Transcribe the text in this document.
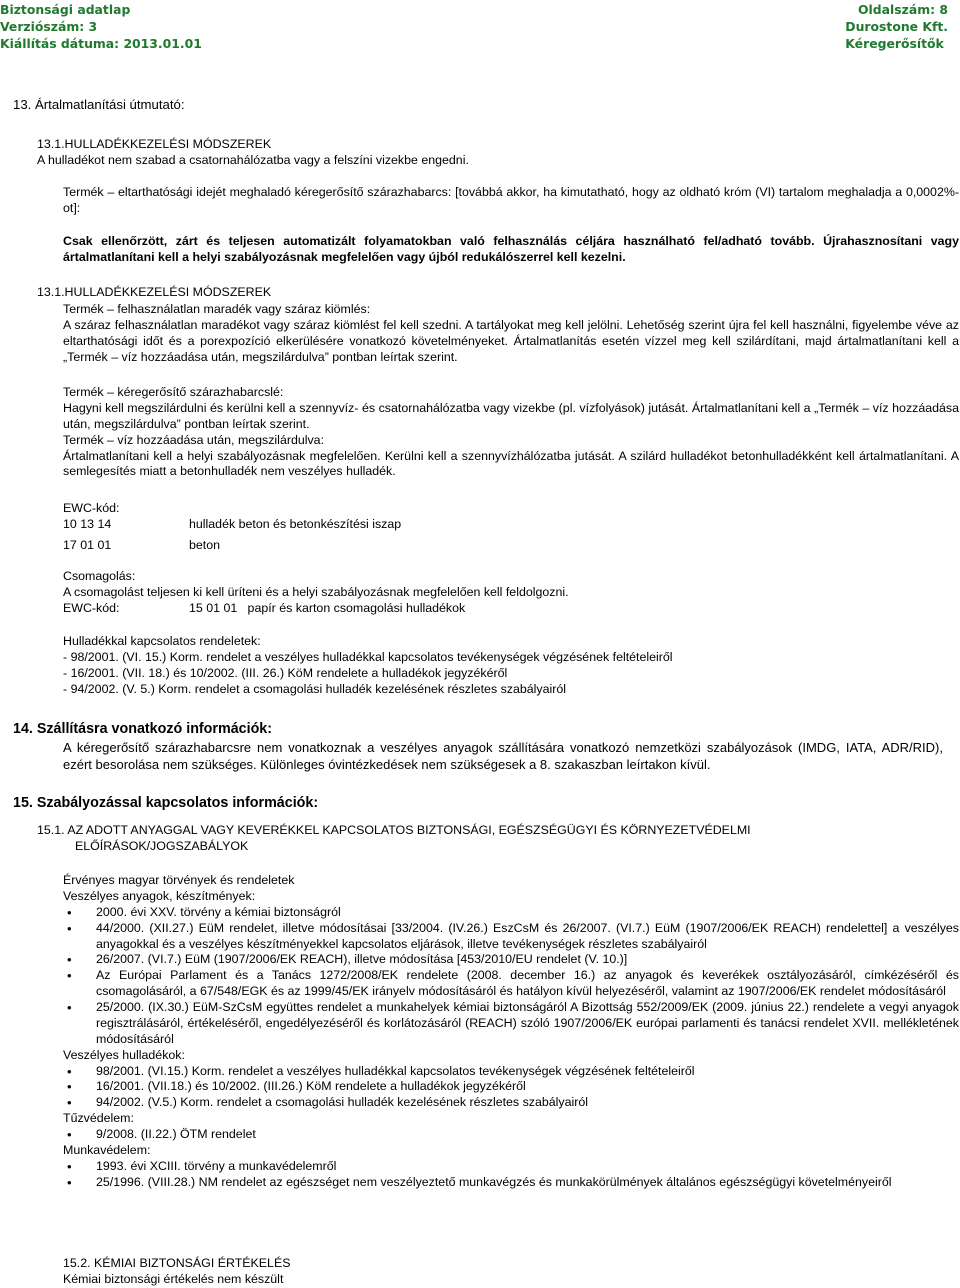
Biztonsági adatlap
Verziószám: 3
Kiállítás dátuma: 2013.01.01
Oldalszám: 8
Durostone Kft.
Kéregerősítők
13. Ártalmatlanítási útmutató:
13.1.HULLADÉKKEZELÉSI MÓDSZEREK
A hulladékot nem szabad a csatornahálózatba vagy a felszíni vizekbe engedni.
Termék – eltarthatósági idejét meghaladó kéregerősítő szárazhabarcs: [továbbá akkor, ha kimutatható, hogy az oldható króm (VI) tartalom meghaladja a 0,0002%-ot]:
Csak ellenőrzött, zárt és teljesen automatizált folyamatokban való felhasználás céljára használható fel/adható tovább. Újrahasznosítani vagy ártalmatlanítani kell a helyi szabályozásnak megfelelően vagy újból redukálószerrel kell kezelni.
13.1.HULLADÉKKEZELÉSI MÓDSZEREK
Termék – felhasználatlan maradék vagy száraz kiömlés:
A száraz felhasználatlan maradékot vagy száraz kiömlést fel kell szedni. A tartályokat meg kell jelölni. Lehetőség szerint újra fel kell használni, figyelembe véve az eltarthatósági időt és a porexpozíció elkerülésére vonatkozó követelményeket. Ártalmatlanítás esetén vízzel meg kell szilárdítani, majd ártalmatlanítani kell a „Termék – víz hozzáadása után, megszilárdulva” pontban leírtak szerint.
Termék – kéregerősítő szárazhabarcslé:
Hagyni kell megszilárdulni és kerülni kell a szennyvíz- és csatornahálózatba vagy vizekbe (pl. vízfolyások) jutását. Ártalmatlanítani kell a „Termék – víz hozzáadása után, megszilárdulva” pontban leírtak szerint.
Termék – víz hozzáadása után, megszilárdulva:
Ártalmatlanítani kell a helyi szabályozásnak megfelelően. Kerülni kell a szennyvízhálózatba jutását. A szilárd hulladékot betonhulladékként kell ártalmatlanítani. A semlegesítés miatt a betonhulladék nem veszélyes hulladék.
EWC-kód:
10 13 14	hulladék beton és betonkészítési iszap
17 01 01	beton
Csomagolás:
A csomagolást teljesen ki kell üríteni és a helyi szabályozásnak megfelelően kell feldolgozni.
EWC-kód:	15 01 01   papír és karton csomagolási hulladékok
Hulladékkal kapcsolatos rendeletek:
- 98/2001. (VI. 15.) Korm. rendelet a veszélyes hulladékkal kapcsolatos tevékenységek végzésének feltételeiről
- 16/2001. (VII. 18.) és 10/2002. (III. 26.) KöM rendelete a hulladékok jegyzékéről
- 94/2002. (V. 5.) Korm. rendelet a csomagolási hulladék kezelésének részletes szabályairól
14. Szállításra vonatkozó információk:
A kéregerősítő szárazhabarcsre nem vonatkoznak a veszélyes anyagok szállítására vonatkozó nemzetközi szabályozások (IMDG, IATA, ADR/RID), ezért besorolása nem szükséges. Különleges óvintézkedések nem szükségesek a 8. szakaszban leírtakon kívül.
15. Szabályozással kapcsolatos információk:
15.1. AZ ADOTT ANYAGGAL VAGY KEVERÉKKEL KAPCSOLATOS BIZTONSÁGI, EGÉSZSÉGÜGYI ÉS KÖRNYEZETVÉDELMI
ELŐÍRÁSOK/JOGSZABÁLYOK
Érvényes magyar törvények és rendeletek
Veszélyes anyagok, készítmények:
• 2000. évi XXV. törvény a kémiai biztonságról
• 44/2000. (XII.27.) EüM rendelet, illetve módosításai [33/2004. (IV.26.) EszCsM és 26/2007. (VI.7.) EüM (1907/2006/EK REACH) rendelettel] a veszélyes anyagokkal és a veszélyes készítményekkel kapcsolatos eljárások, illetve tevékenységek részletes szabályairól
• 26/2007. (VI.7.) EüM (1907/2006/EK REACH), illetve módosítása [453/2010/EU rendelet (V. 10.)]
• Az Európai Parlament és a Tanács 1272/2008/EK rendelete (2008. december 16.) az anyagok és keverékek osztályozásáról, címkézéséről és csomagolásáról, a 67/548/EGK és az 1999/45/EK irányelv módosításáról és hatályon kívül helyezéséről, valamint az 1907/2006/EK rendelet módosításáról
• 25/2000. (IX.30.) EüM-SzCsM együttes rendelet a munkahelyek kémiai biztonságáról A Bizottság 552/2009/EK (2009. június 22.) rendelete a vegyi anyagok regisztrálásáról, értékeléséről, engedélyezéséről és korlátozásáról (REACH) szóló 1907/2006/EK európai parlamenti és tanácsi rendelet XVII. mellékletének módosításáról
Veszélyes hulladékok:
• 98/2001. (VI.15.) Korm. rendelet a veszélyes hulladékkal kapcsolatos tevékenységek végzésének feltételeiről
• 16/2001. (VII.18.) és 10/2002. (III.26.) KöM rendelete a hulladékok jegyzékéről
• 94/2002. (V.5.) Korm. rendelet a csomagolási hulladék kezelésének részletes szabályairól
Tűzvédelem:
• 9/2008. (II.22.) ÖTM rendelet
Munkavédelem:
• 1993. évi XCIII. törvény a munkavédelemről
• 25/1996. (VIII.28.) NM rendelet az egészséget nem veszélyeztető munkavégzés és munkakörülmények általános egészségügyi követelményeiről
15.2. KÉMIAI BIZTONSÁGI ÉRTÉKELÉS
Kémiai biztonsági értékelés nem készült
